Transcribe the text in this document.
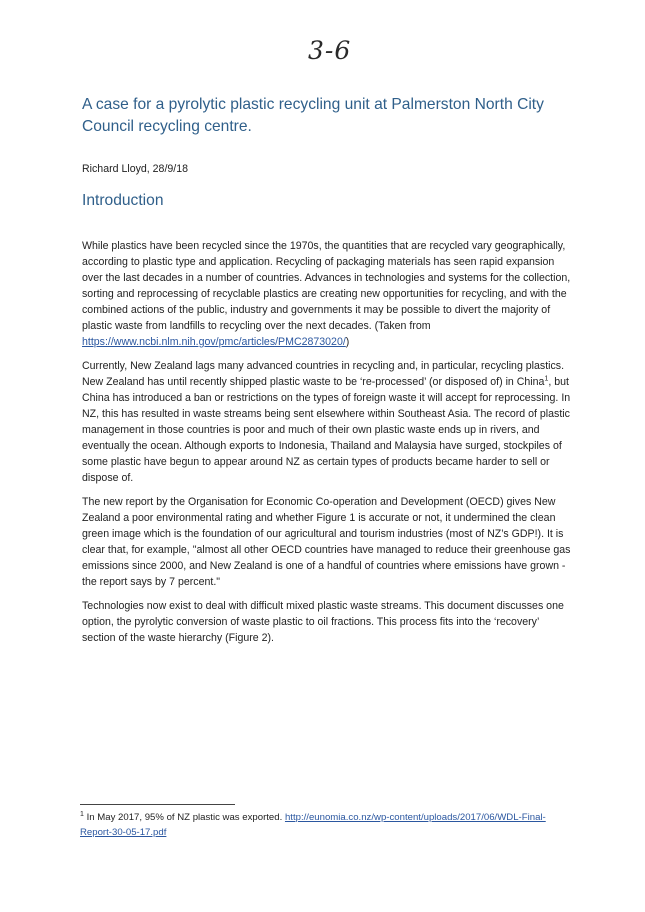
3-6
A case for a pyrolytic plastic recycling unit at Palmerston North City Council recycling centre.
Richard Lloyd, 28/9/18
Introduction

While plastics have been recycled since the 1970s, the quantities that are recycled vary geographically, according to plastic type and application. Recycling of packaging materials has seen rapid expansion over the last decades in a number of countries. Advances in technologies and systems for the collection, sorting and reprocessing of recyclable plastics are creating new opportunities for recycling, and with the combined actions of the public, industry and governments it may be possible to divert the majority of plastic waste from landfills to recycling over the next decades. (Taken from https://www.ncbi.nlm.nih.gov/pmc/articles/PMC2873020/)

Currently, New Zealand lags many advanced countries in recycling and, in particular, recycling plastics. New Zealand has until recently shipped plastic waste to be ‘re-processed’ (or disposed of) in China$^1$, but China has introduced a ban or restrictions on the types of foreign waste it will accept for reprocessing. In NZ, this has resulted in waste streams being sent elsewhere within Southeast Asia. The record of plastic management in those countries is poor and much of their own plastic waste ends up in rivers, and eventually the ocean. Although exports to Indonesia, Thailand and Malaysia have surged, stockpiles of some plastic have begun to appear around NZ as certain types of products became harder to sell or dispose of.

The new report by the Organisation for Economic Co-operation and Development (OECD) gives New Zealand a poor environmental rating and whether Figure 1 is accurate or not, it undermined the clean green image which is the foundation of our agricultural and tourism industries (most of NZ’s GDP!). It is clear that, for example, "almost all other OECD countries have managed to reduce their greenhouse gas emissions since 2000, and New Zealand is one of a handful of countries where emissions have grown - the report says by 7 percent."

Technologies now exist to deal with difficult mixed plastic waste streams. This document discusses one option, the pyrolytic conversion of waste plastic to oil fractions. This process fits into the ‘recovery’ section of the waste hierarchy (Figure 2).

$^1$ In May 2017, 95% of NZ plastic was exported. http://eunomia.co.nz/wp-content/uploads/2017/06/WDL-Final-Report-30-05-17.pdf
